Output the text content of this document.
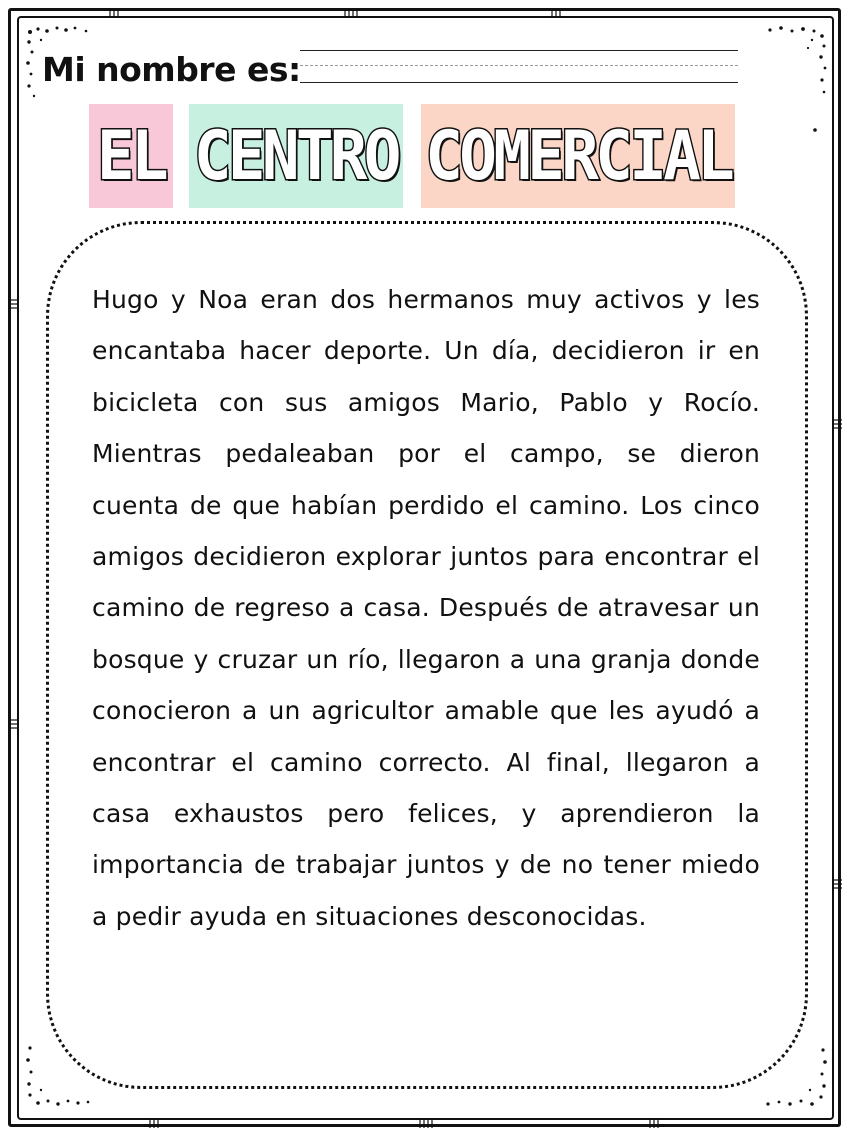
Mi nombre es:
EL CENTRO COMERCIAL

Hugo y Noa eran dos hermanos muy activos y les encantaba hacer deporte. Un día, decidieron ir en bicicleta con sus amigos Mario, Pablo y Rocío. Mientras pedaleaban por el campo, se dieron cuenta de que habían perdido el camino. Los cinco amigos decidieron explorar juntos para encontrar el camino de regreso a casa. Después de atravesar un bosque y cruzar un río, llegaron a una granja donde conocieron a un agricultor amable que les ayudó a encontrar el camino correcto. Al final, llegaron a casa exhaustos pero felices, y aprendieron la importancia de trabajar juntos y de no tener miedo a pedir ayuda en situaciones desconocidas.
